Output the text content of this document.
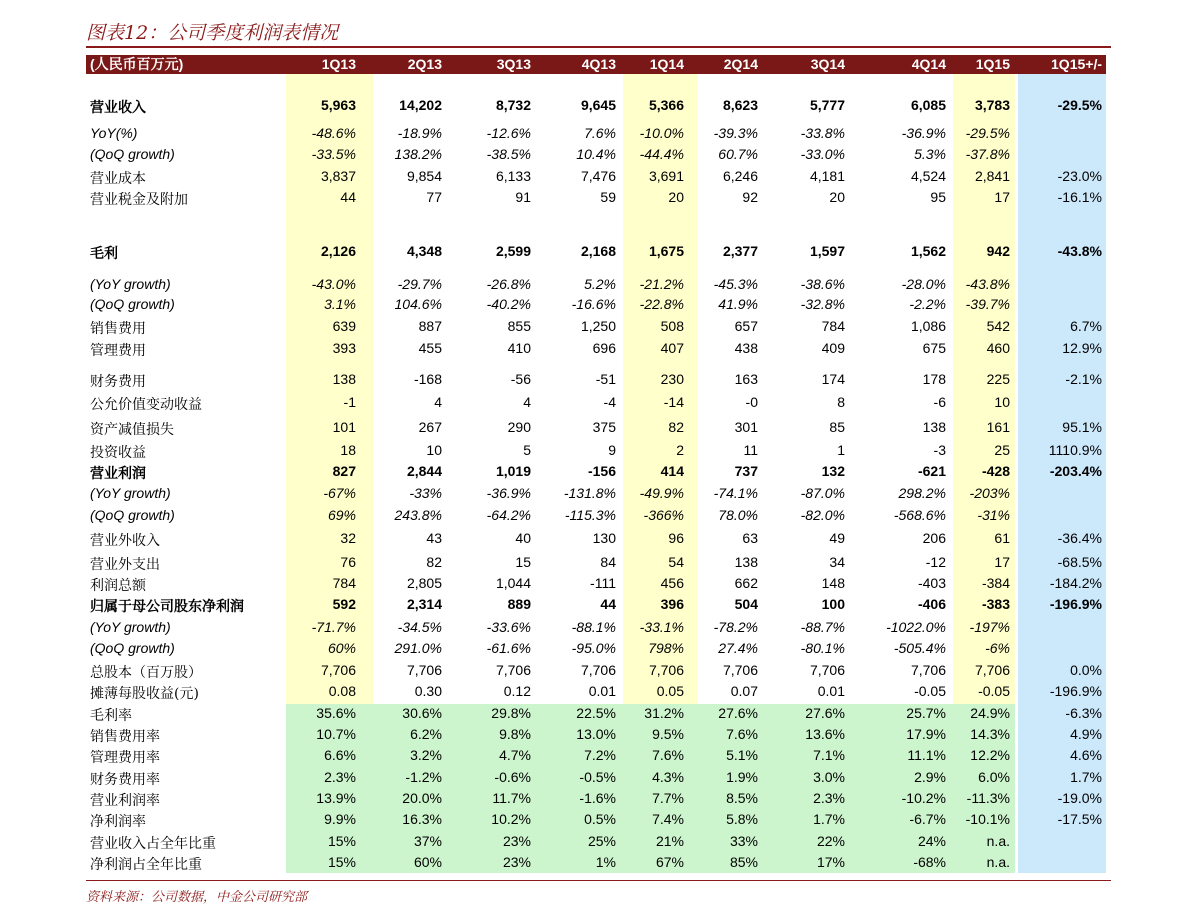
图表12：公司季度利润表情况
(人民币百万元)	1Q13	2Q13	3Q13	4Q13 1Q14	2Q14	3Q14	4Q14 1Q15	1Q15+/-
营业收入	5,963	14,202	8,732	9,645 5,366	8,623	5,777	6,085 3,783	-29.5%
YoY(%)	-48.6%	-18.9%	-12.6%	7.6% -10.0% -39.3%	-33.8%	-36.9% -29.5%
(QoQ growth)	-33.5%	138.2%	-38.5%	10.4% -44.4% 60.7%	-33.0%	5.3% -37.8%
营业成本	3,837	9,854	6,133	7,476 3,691	6,246	4,181	4,524 2,841	-23.0%
营业税金及附加	44	77	91	59	20	92	20	95	17	-16.1%
毛利	2,126	4,348	2,599	2,168 1,675	2,377	1,597	1,562	942	-43.8%
(YoY growth)	-43.0%	-29.7%	-26.8%	5.2% -21.2% -45.3%	-38.6%	-28.0% -43.8%
(QoQ growth)	3.1%	104.6%	-40.2%	-16.6% -22.8% 41.9%	-32.8%	-2.2% -39.7%
销售费用	639	887	855	1,250	508	657	784	1,086	542	6.7%
管理费用	393	455	410	696	407	438	409	675	460	12.9%
财务费用	138	-168	-56	-51	230	163	174	178	225	-2.1%
公允价值变动收益	-1	4	4	-4	-14	-0	8	-6	10
资产减值损失	101	267	290	375	82	301	85	138	161	95.1%
投资收益	18	10	5	9	2	11	1	-3	25	1110.9%
营业利润	827	2,844	1,019	-156	414	737	132	-621	-428	-203.4%
(YoY growth)	-67%	-33%	-36.9% -131.8% -49.9% -74.1%	-87.0%	298.2% -203%
(QoQ growth)	69%	243.8%	-64.2% -115.3% -366% 78.0%	-82.0%	-568.6% -31%
营业外收入	32	43	40	130	96	63	49	206	61	-36.4%
营业外支出	76	82	15	84	54	138	34	-12	17	-68.5%
利润总额	784	2,805	1,044	-111	456	662	148	-403	-384	-184.2%
归属于母公司股东净利润	592	2,314	889	44	396	504	100	-406	-383	-196.9%
(YoY growth)	-71.7%	-34.5%	-33.6%	-88.1% -33.1% -78.2%	-88.7%	-1022.0% -197%
(QoQ growth)	60%	291.0%	-61.6%	-95.0% 798% 27.4%	-80.1%	-505.4%	-6%
总股本（百万股）	7,706	7,706	7,706	7,706 7,706	7,706	7,706	7,706 7,706	0.0%
摊薄每股收益(元)	0.08	0.30	0.12	0.01	0.05	0.07	0.01	-0.05 -0.05	-196.9%
毛利率	35.6%	30.6%	29.8%	22.5% 31.2% 27.6%	27.6%	25.7% 24.9%	-6.3%
销售费用率	10.7%	6.2%	9.8%	13.0%	9.5%	7.6%	13.6%	17.9% 14.3%	4.9%
管理费用率	6.6%	3.2%	4.7%	7.2%	7.6%	5.1%	7.1%	11.1% 12.2%	4.6%
财务费用率	2.3%	-1.2%	-0.6%	-0.5%	4.3%	1.9%	3.0%	2.9% 6.0%	1.7%
营业利润率	13.9%	20.0%	11.7%	-1.6%	7.7%	8.5%	2.3%	-10.2% -11.3%	-19.0%
净利润率	9.9%	16.3%	10.2%	0.5%	7.4%	5.8%	1.7%	-6.7% -10.1%	-17.5%
营业收入占全年比重	15%	37%	23%	25%	21%	33%	22%	24%	n.a.
净利润占全年比重	15%	60%	23%	1%	67%	85%	17%	-68%	n.a.
资料来源：公司数据，中金公司研究部
